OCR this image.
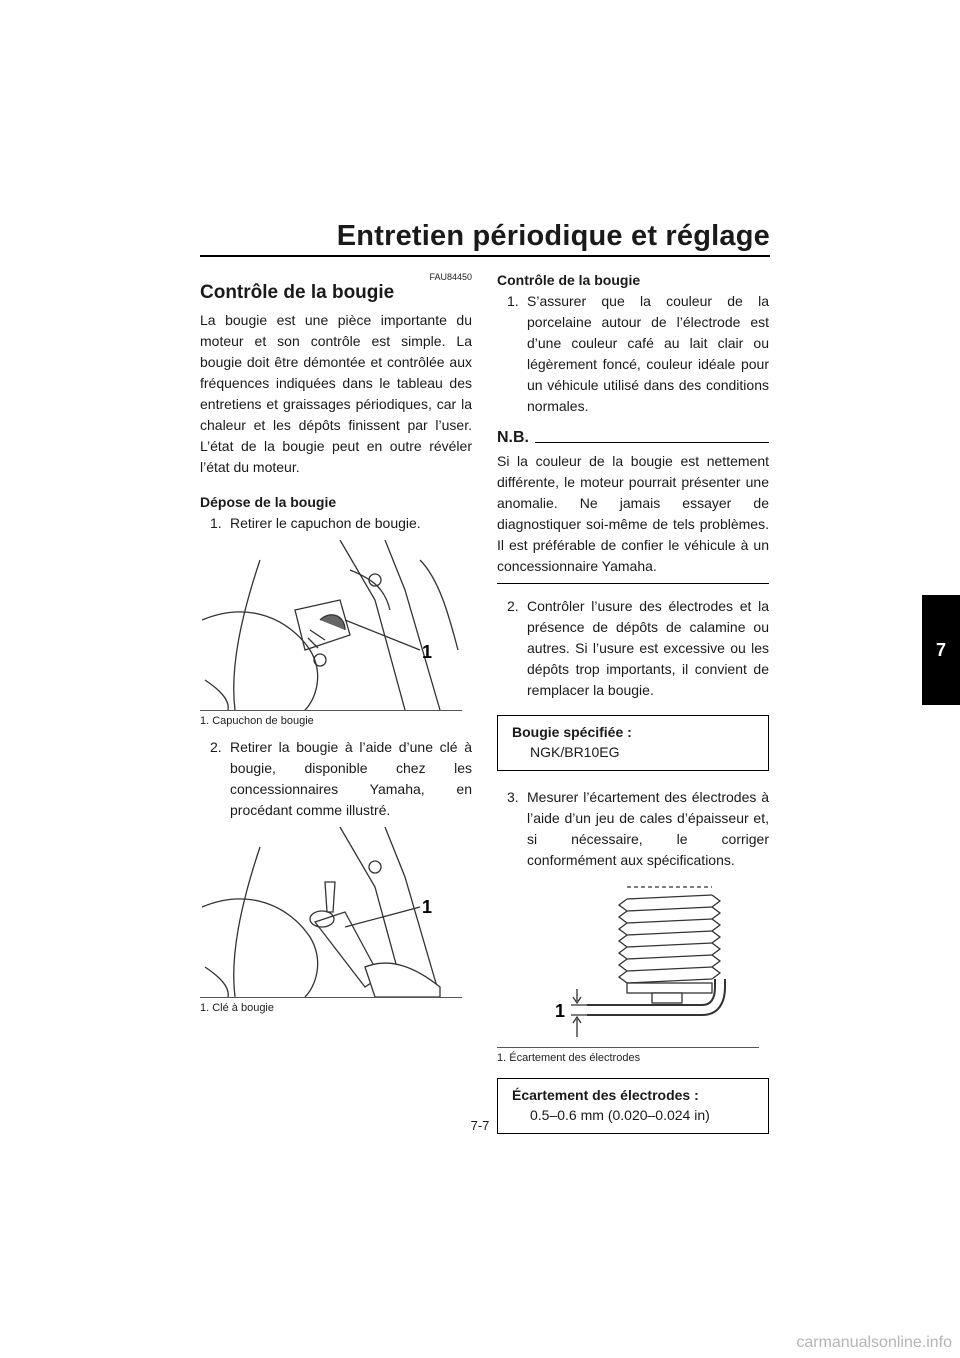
Entretien périodique et réglage
7
FAU84450
Contrôle de la bougie

La bougie est une pièce importante du moteur et son contrôle est simple. La bougie doit être démontée et contrôlée aux fréquences indiquées dans le tableau des entretiens et graissages périodiques, car la chaleur et les dépôts finissent par l’user. L’état de la bougie peut en outre révéler l’état du moteur.

Dépose de la bougie
1. Retirer le capuchon de bougie.
1
1. Capuchon de bougie
2. Retirer la bougie à l’aide d’une clé à bougie, disponible chez les concessionnaires Yamaha, en procédant comme illustré.
1
1. Clé à bougie
Contrôle de la bougie
1. S’assurer que la couleur de la porcelaine autour de l’électrode est d’une couleur café au lait clair ou légèrement foncé, couleur idéale pour un véhicule utilisé dans des conditions normales.
N.B.

Si la couleur de la bougie est nettement différente, le moteur pourrait présenter une anomalie. Ne jamais essayer de diagnostiquer soi-même de tels problèmes. Il est préférable de confier le véhicule à un concessionnaire Yamaha.

2. Contrôler l’usure des électrodes et la présence de dépôts de calamine ou autres. Si l’usure est excessive ou les dépôts trop importants, il convient de remplacer la bougie.
Bougie spécifiée :
NGK/BR10EG
3. Mesurer l’écartement des électrodes à l’aide d’un jeu de cales d’épaisseur et, si nécessaire, le corriger conformément aux spécifications.
1
1. Écartement des électrodes
Écartement des électrodes :
0.5–0.6 mm (0.020–0.024 in)
7-7
carmanualsonline.info
